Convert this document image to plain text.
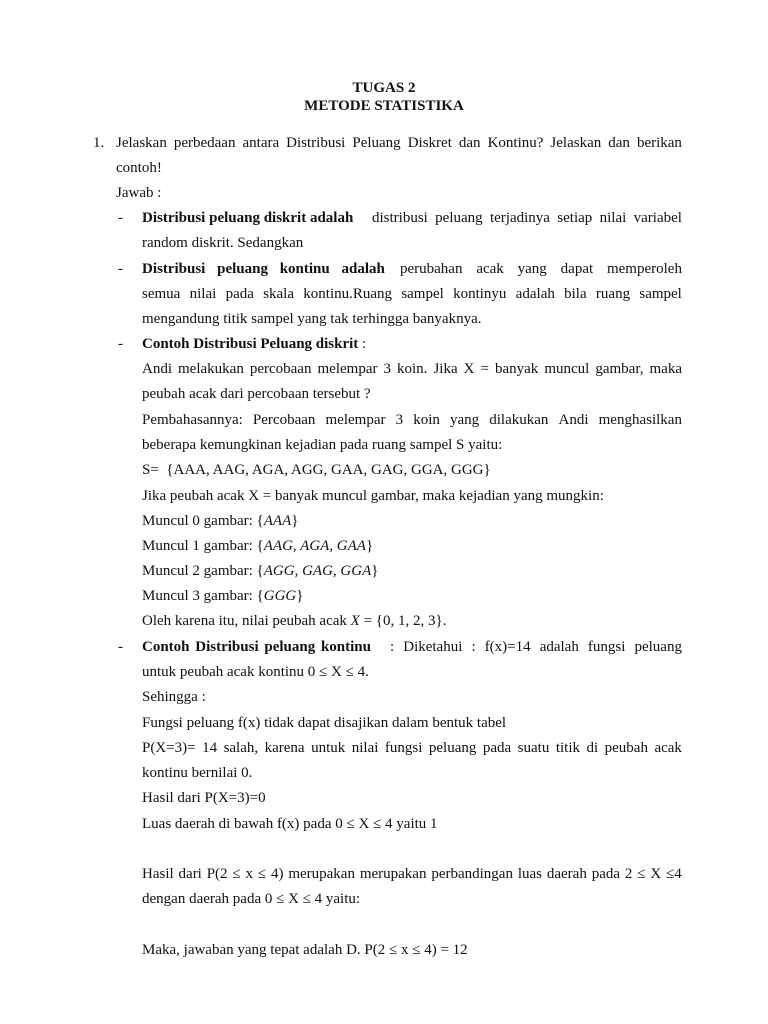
TUGAS 2
METODE STATISTIKA
1. Jelaskan perbedaan antara Distribusi Peluang Diskret dan Kontinu? Jelaskan dan berikan
contoh!
Jawab :
- Distribusi peluang diskrit adalah distribusi peluang terjadinya setiap nilai variabel
random diskrit. Sedangkan
- Distribusi peluang kontinu adalah perubahan acak yang dapat memperoleh
semua nilai pada skala kontinu.Ruang sampel kontinyu adalah bila ruang sampel
mengandung titik sampel yang tak terhingga banyaknya.
- Contoh Distribusi Peluang diskrit :
Andi melakukan percobaan melempar 3 koin. Jika X = banyak muncul gambar, maka
peubah acak dari percobaan tersebut ?
Pembahasannya: Percobaan melempar 3 koin yang dilakukan Andi menghasilkan
beberapa kemungkinan kejadian pada ruang sampel S yaitu:
S=  {AAA, AAG, AGA, AGG, GAA, GAG, GGA, GGG}
Jika peubah acak X = banyak muncul gambar, maka kejadian yang mungkin:
Muncul 0 gambar: {AAA}
Muncul 1 gambar: {AAG, AGA, GAA}
Muncul 2 gambar: {AGG, GAG, GGA}
Muncul 3 gambar: {GGG}
Oleh karena itu, nilai peubah acak X = {0, 1, 2, 3}.
- Contoh Distribusi peluang kontinu : Diketahui : f(x)=14 adalah fungsi peluang
untuk peubah acak kontinu 0 ≤ X ≤ 4.
Sehingga :
Fungsi peluang f(x) tidak dapat disajikan dalam bentuk tabel
P(X=3)= 14 salah, karena untuk nilai fungsi peluang pada suatu titik di peubah acak
kontinu bernilai 0.
Hasil dari P(X=3)=0
Luas daerah di bawah f(x) pada 0 ≤ X ≤ 4 yaitu 1
Hasil dari P(2 ≤ x ≤ 4) merupakan merupakan perbandingan luas daerah pada 2 ≤ X ≤4
dengan daerah pada 0 ≤ X ≤ 4 yaitu:
Maka, jawaban yang tepat adalah D. P(2 ≤ x ≤ 4) = 12
